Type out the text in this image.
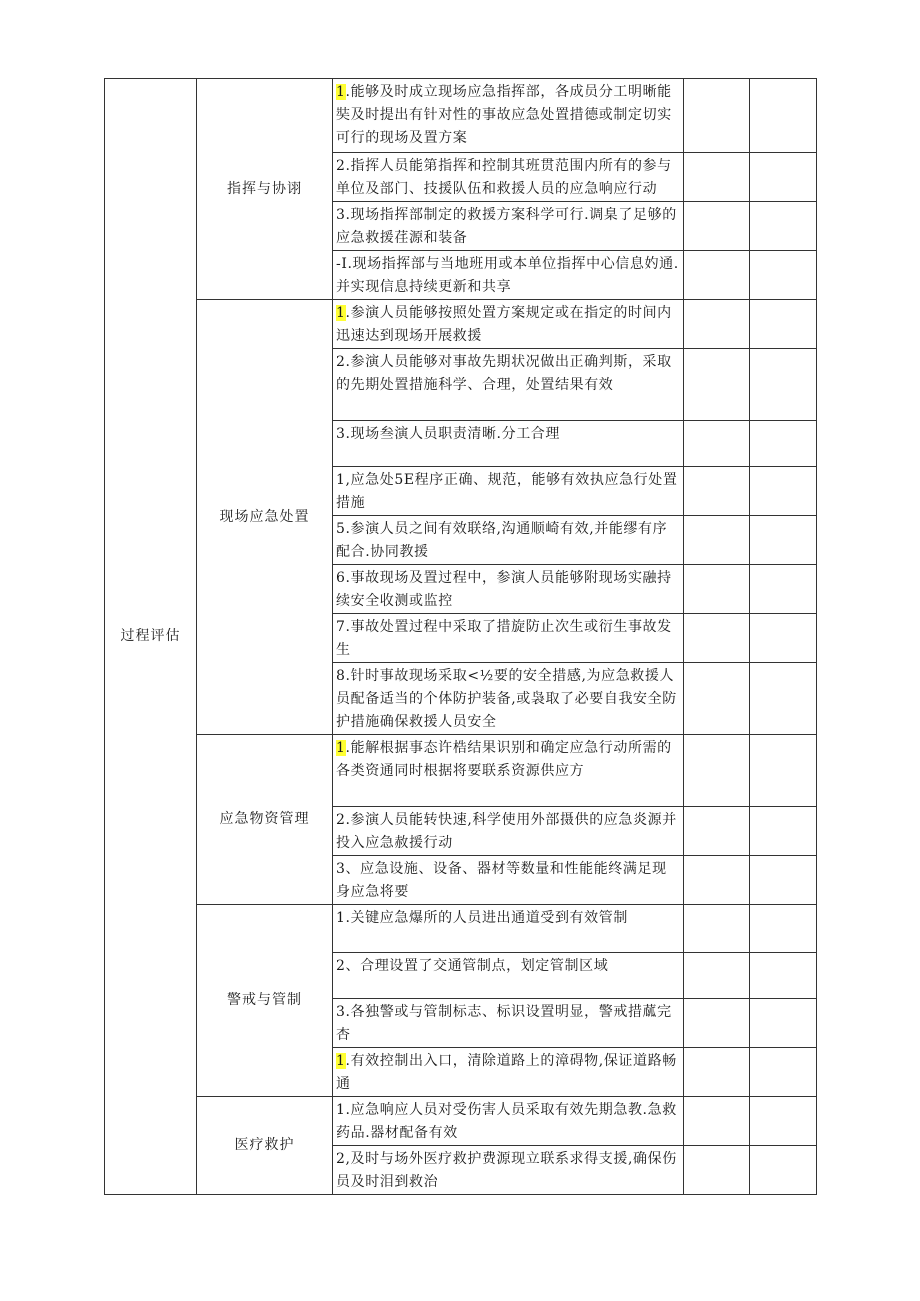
过程评估	指挥与协诩	1.能够及时成立现场应急指挥部，各成员分工明晰能奘及时提出有针对性的事故应急处置措德或制定切实可行的现场及置方案		
		2.指挥人员能第指挥和控制其班贯范围内所有的参与单位及部门、技援队伍和救援人员的应急响应行动		
		3.现场指挥部制定的救援方案科学可行.调臬了足够的应急救援荏源和装备		
		-I.现场指挥部与当地班用或本单位指挥中心信息妁通.并实现信息持续更新和共享		
	现场应急处置	1.参演人员能够按照处置方案规定或在指定的时间内迅速达到现场开展救援		
		2.参演人员能够对事故先期状况做出正确判斯，采取的先期处置措施科学、合理，处置结果有效		
		3.现场叁演人员职责清晰.分工合理		
		1,应急处5E程序正确、规范，能够有效执应急行处置措施		
		5.参演人员之间有效联络,沟通顺崎有效,并能缪有序配合.协同教援		
		6.事故现场及置过程中，参演人员能够附现场实融持续安全收测或监控		
		7.事故处置过程中采取了措旋防止次生或衍生事故发生		
		8.针时事故现场采取<½要的安全措感,为应急救援人员配备适当的个体防护装备,或袅取了必要自我安全防护措施确保救援人员安全		
	应急物资管理	1.能解根据事态许梏结果识别和确定应急行动所需的各类资通同时根据将要联系资源供应方		
		2.参演人员能转快速,科学使用外部摄供的应急炎源并投入应急赦援行动		
		3、应急设施、设备、器材等数量和性能能终满足现身应急将要		
	警戒与管制	1.关键应急爆所的人员进出通道受到有效管制		
		2、合理设置了交通管制点，划定管制区域		
		3.各独警或与管制标志、标识设置明显，警戒措蓏完杏		
		1.有效控制出入口，清除道路上的漳碍物,保证道路畅通		
	医疗救护	1.应急响应人员对受伤害人员采取有效先期急教.急救药品.器材配备有效		
		2,及时与场外医疗救护费源现立联系求得支援,确保伤员及时泪到救治		
